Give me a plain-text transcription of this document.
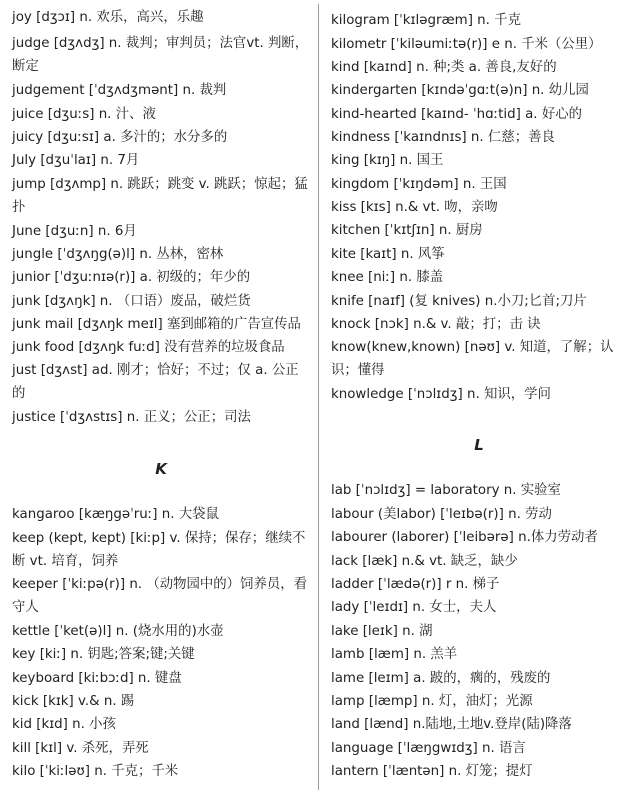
joy [dʒɔɪ] n. 欢乐，高兴，乐趣
judge [dʒʌdʒ] n. 裁判；审判员；法官vt. 判断，断定
judgement [ˈdʒʌdʒmənt] n. 裁判
juice [dʒuːs] n. 汁、液
juicy [dʒuːsɪ] a. 多汁的；水分多的
July [dʒuˈlaɪ] n. 7月
jump [dʒʌmp] n. 跳跃；跳变 v. 跳跃；惊起；猛扑
June [dʒuːn] n. 6月
jungle [ˈdʒʌŋg(ə)l] n. 丛林，密林
junior [ˈdʒuːnɪə(r)] a. 初级的；年少的
junk [dʒʌŋk] n. （口语）废品，破烂货
junk mail [dʒʌŋk meɪl] 塞到邮箱的广告宣传品
junk food [dʒʌŋk fuːd] 没有营养的垃圾食品
just [dʒʌst] ad. 刚才；恰好；不过；仅 a. 公正的
justice [ˈdʒʌstɪs] n. 正义；公正；司法
K
kangaroo [kæŋgəˈruː] n. 大袋鼠
keep (kept, kept) [kiːp] v. 保持；保存；继续不断 vt. 培育，饲养
keeper [ˈkiːpə(r)] n. （动物园中的）饲养员，看守人
kettle [ˈket(ə)l] n. (烧水用的)水壶
key [kiː] n. 钥匙;答案;键;关键
keyboard [kiːbɔːd] n. 键盘
kick [kɪk] v.& n. 踢
kid [kɪd] n. 小孩
kill [kɪl] v. 杀死，弄死
kilo [ˈkiːləʊ] n. 千克；千米
kilogram [ˈkɪləgræm] n. 千克
kilometr [ˈkiləumiːtə(r)] e n. 千米（公里）
kind [kaɪnd] n. 种;类 a. 善良,友好的
kindergarten [kɪndəˈgɑːt(ə)n] n. 幼儿园
kind-hearted [kaɪnd- ˈhɑːtid] a. 好心的
kindness [ˈkaɪndnɪs] n. 仁慈；善良
king [kɪŋ] n. 国王
kingdom [ˈkɪŋdəm] n. 王国
kiss [kɪs] n.& vt. 吻，亲吻
kitchen [ˈkɪtʃɪn] n. 厨房
kite [kaɪt] n. 风筝
knee [niː] n. 膝盖
knife [naɪf] (复 knives) n.小刀;匕首;刀片
knock [nɔk] n.& v. 敲；打；击 诀
know(knew,known) [nəʊ] v. 知道，了解；认识；懂得
knowledge [ˈnɔlɪdʒ] n. 知识，学问
L
lab [ˈnɔlɪdʒ] = laboratory n. 实验室
labour (美labor) [ˈleɪbə(r)] n. 劳动
labourer (laborer) [ˈleibərə] n.体力劳动者
lack [læk] n.& vt. 缺乏，缺少
ladder [ˈlædə(r)] r n. 梯子
lady [ˈleɪdɪ] n. 女士，夫人
lake [leɪk] n. 湖
lamb [læm] n. 羔羊
lame [leɪm] a. 跛的，瘸的，残废的
lamp [læmp] n. 灯，油灯；光源
land [lænd] n.陆地,土地v.登岸(陆)降落
language [ˈlæŋgwɪdʒ] n. 语言
lantern [ˈlæntən] n. 灯笼；提灯
